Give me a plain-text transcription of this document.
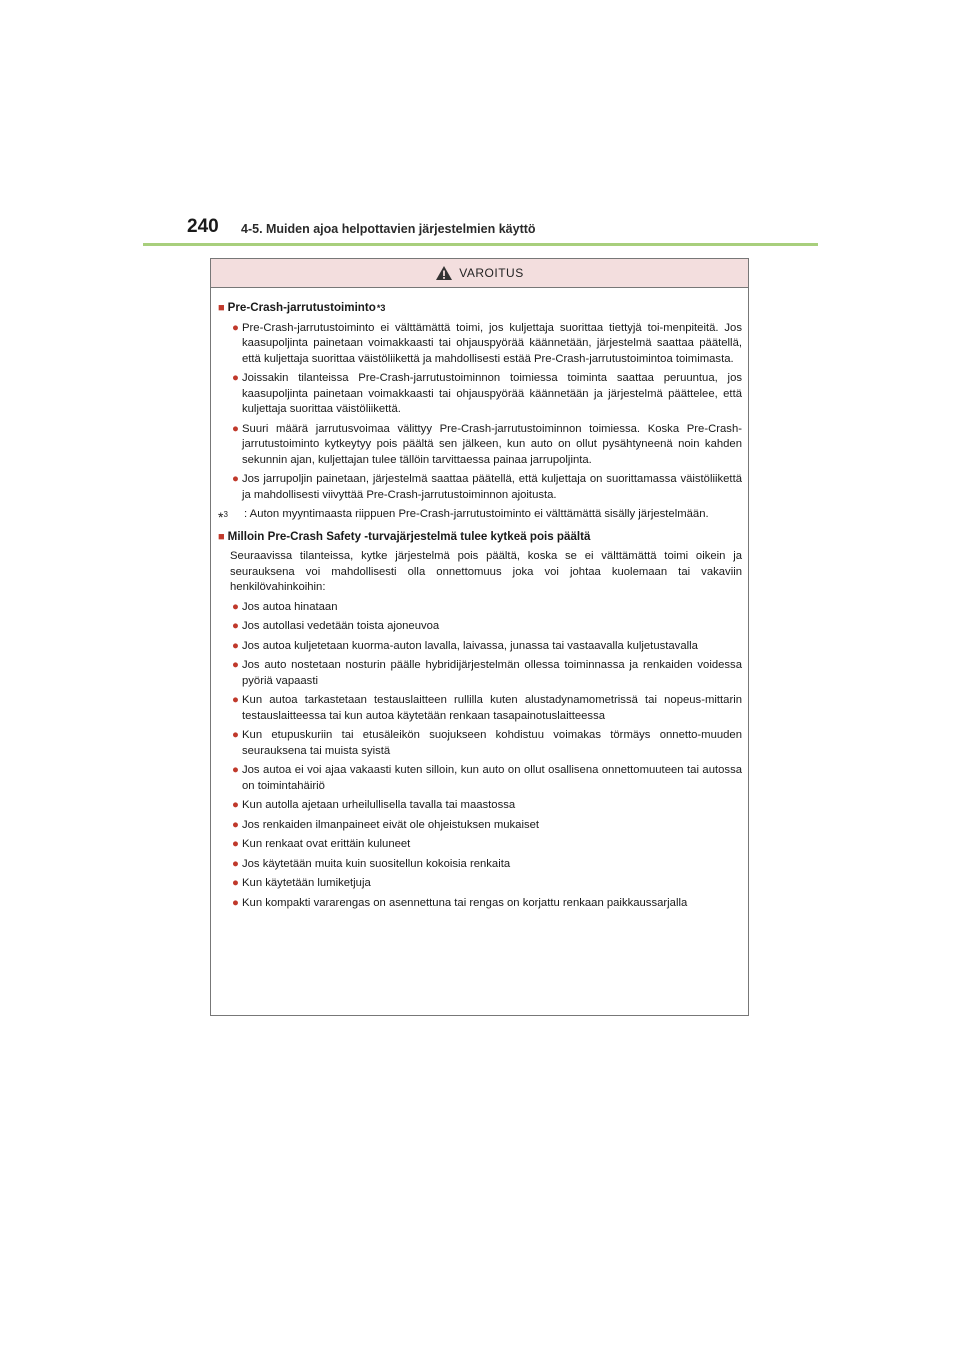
240 4-5. Muiden ajoa helpottavien järjestelmien käyttö
VAROITUS
■ Pre-Crash-jarrutustoiminto *3
● Pre-Crash-jarrutustoiminto ei välttämättä toimi, jos kuljettaja suorittaa tiettyjä toi-menpiteitä. Jos kaasupoljinta painetaan voimakkaasti tai ohjauspyörää käännetään, järjestelmä saattaa päätellä, että kuljettaja suorittaa väistöliikettä ja mahdollisesti estää Pre-Crash-jarrutustoimintoa toimimasta.
● Joissakin tilanteissa Pre-Crash-jarrutustoiminnon toimiessa toiminta saattaa peruuntua, jos kaasupoljinta painetaan voimakkaasti tai ohjauspyörää käännetään ja järjestelmä päättelee, että kuljettaja suorittaa väistöliikettä.
● Suuri määrä jarrutusvoimaa välittyy Pre-Crash-jarrutustoiminnon toimiessa. Koska Pre-Crash-jarrutustoiminto kytkeytyy pois päältä sen jälkeen, kun auto on ollut pysähtyneenä noin kahden sekunnin ajan, kuljettajan tulee tällöin tarvittaessa painaa jarrupoljinta.
● Jos jarrupoljin painetaan, järjestelmä saattaa päätellä, että kuljettaja on suorittamassa väistöliikettä ja mahdollisesti viivyttää Pre-Crash-jarrutustoiminnon ajoitusta.
*$^3$ : Auton myyntimaasta riippuen Pre-Crash-jarrutustoiminto ei välttämättä sisälly järjestelmään.
■ Milloin Pre-Crash Safety -turvajärjestelmä tulee kytkeä pois päältä
Seuraavissa tilanteissa, kytke järjestelmä pois päältä, koska se ei välttämättä toimi oikein ja seurauksena voi mahdollisesti olla onnettomuus joka voi johtaa kuolemaan tai vakaviin henkilövahinkoihin:
● Jos autoa hinataan
● Jos autollasi vedetään toista ajoneuvoa
● Jos autoa kuljetetaan kuorma-auton lavalla, laivassa, junassa tai vastaavalla kuljetustavalla
● Jos auto nostetaan nosturin päälle hybridijärjestelmän ollessa toiminnassa ja renkaiden voidessa pyöriä vapaasti
● Kun autoa tarkastetaan testauslaitteen rullilla kuten alustadynamometrissä tai nopeus-mittarin testauslaitteessa tai kun autoa käytetään renkaan tasapainotuslaitteessa
● Kun etupuskuriin tai etusäleikön suojukseen kohdistuu voimakas törmäys onnetto-muuden seurauksena tai muista syistä
● Jos autoa ei voi ajaa vakaasti kuten silloin, kun auto on ollut osallisena onnettomuuteen tai autossa on toimintahäiriö
● Kun autolla ajetaan urheilullisella tavalla tai maastossa
● Jos renkaiden ilmanpaineet eivät ole ohjeistuksen mukaiset
● Kun renkaat ovat erittäin kuluneet
● Jos käytetään muita kuin suositellun kokoisia renkaita
● Kun käytetään lumiketjuja
● Kun kompakti vararengas on asennettuna tai rengas on korjattu renkaan paikkaussarjalla
